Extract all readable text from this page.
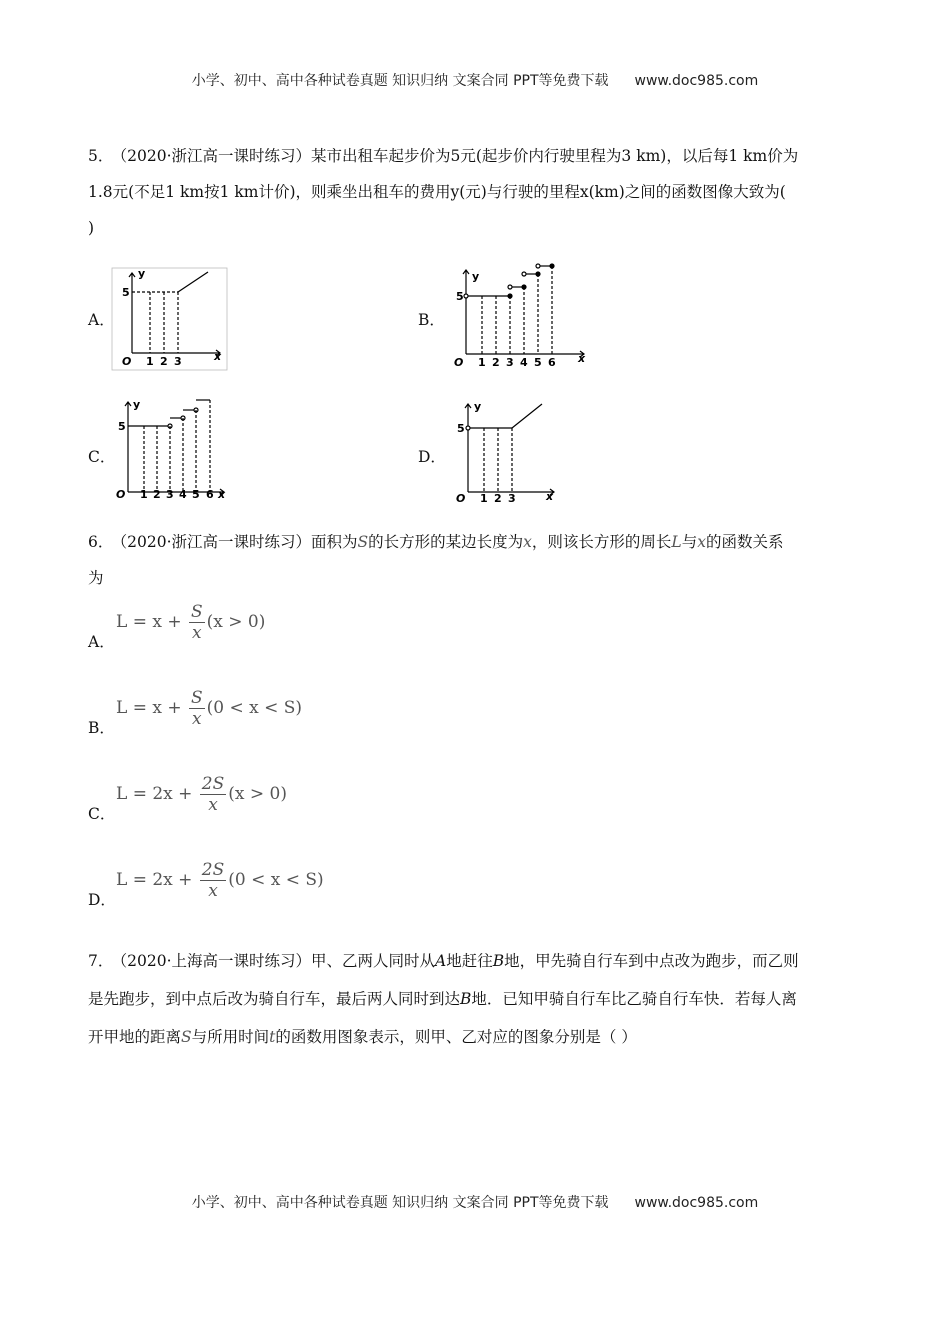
小学、初中、高中各种试卷真题 知识归纳 文案合同 PPT等免费下载 www.doc985.com
5． （2020·浙江高一课时练习）某市出租车起步价为5元(起步价内行驶里程为3 km)，以后每1 km价为
1.8元(不足1 km按1 km计价)，则乘坐出租车的费用y(元)与行驶的里程x(km)之间的函数图像大致为(
)
A．	B．
C．	D．
y
5
O 1 2 3	x
y
5
O 1 2 3 4 5 6 x
y
5
O 1 2 3 4 5 6 x
y
5
O 1 2 3	x
6． （2020·浙江高一课时练习）面积为S的长方形的某边长度为x，则该长方形的周长L与x的函数关系
为
A．
$L = x + \frac{S}{x} (x > 0)$
B．
$L = x + \frac{S}{x} (0 < x < S)$
C．
$L = 2x + \frac{2S}{x} (x > 0)$
D．
$L = 2x + \frac{2S}{x} (0 < x < S)$
7． （2020·上海高一课时练习）甲、乙两人同时从A地赶往B地，甲先骑自行车到中点改为跑步，而乙则
是先跑步，到中点后改为骑自行车，最后两人同时到达B地．已知甲骑自行车比乙骑自行车快．若每人离
开甲地的距离S与所用时间t的函数用图象表示，则甲、乙对应的图象分别是（ ）
小学、初中、高中各种试卷真题 知识归纳 文案合同 PPT等免费下载 www.doc985.com
